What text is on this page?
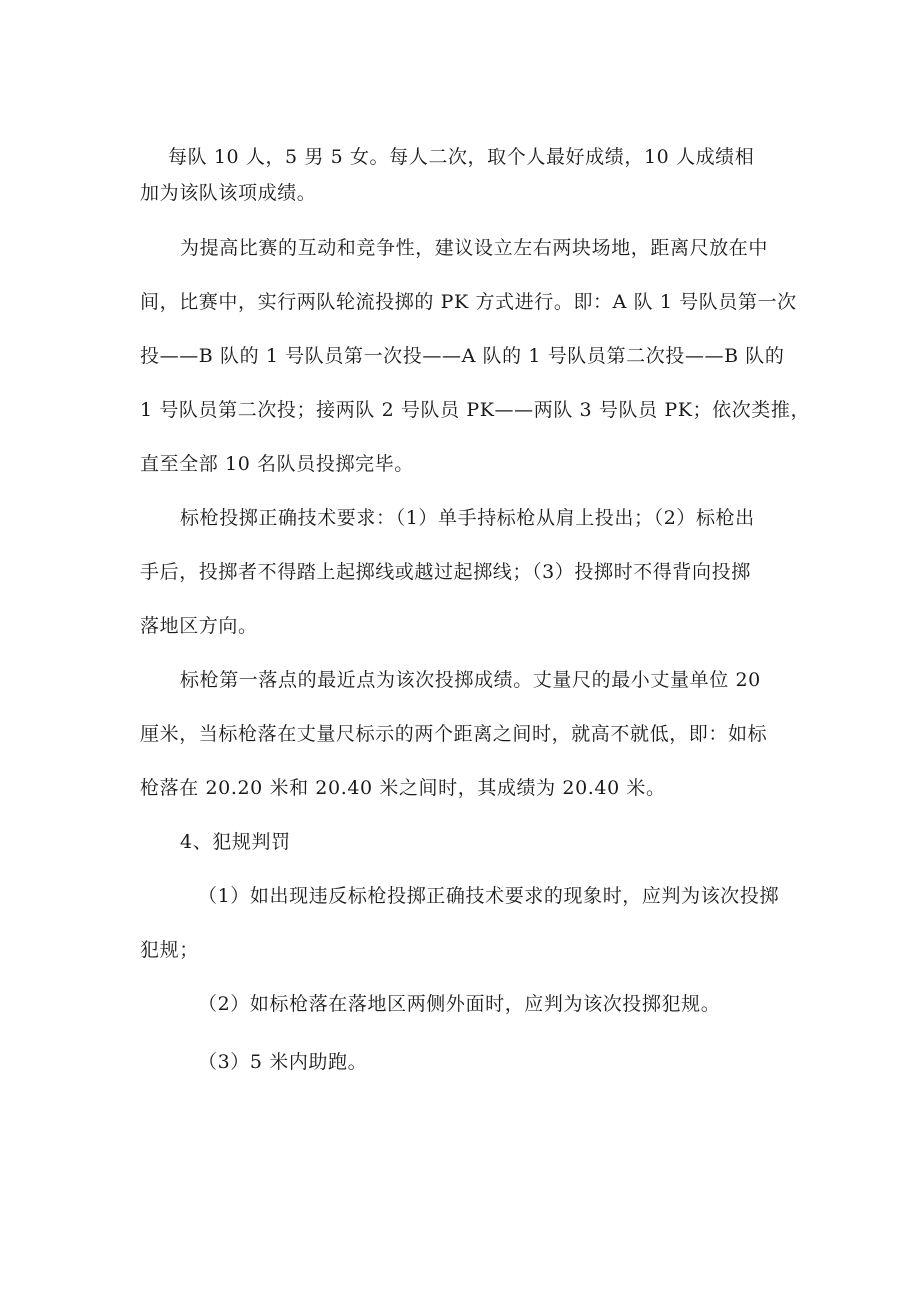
每队 10 人，5 男 5 女。每人二次，取个人最好成绩，10 人成绩相
加为该队该项成绩。
为提高比赛的互动和竞争性，建议设立左右两块场地，距离尺放在中
间，比赛中，实行两队轮流投掷的 PK 方式进行。即：A 队 1 号队员第一次
投——B 队的 1 号队员第一次投——A 队的 1 号队员第二次投——B 队的
1 号队员第二次投；接两队 2 号队员 PK——两队 3 号队员 PK；依次类推，
直至全部 10 名队员投掷完毕。
标枪投掷正确技术要求：（1）单手持标枪从肩上投出；（2）标枪出
手后，投掷者不得踏上起掷线或越过起掷线；（3）投掷时不得背向投掷
落地区方向。
标枪第一落点的最近点为该次投掷成绩。丈量尺的最小丈量单位 20
厘米，当标枪落在丈量尺标示的两个距离之间时，就高不就低，即：如标
枪落在 20.20 米和 20.40 米之间时，其成绩为 20.40 米。
4、犯规判罚
（1）如出现违反标枪投掷正确技术要求的现象时，应判为该次投掷
犯规；
（2）如标枪落在落地区两侧外面时，应判为该次投掷犯规。
（3）5 米内助跑。
